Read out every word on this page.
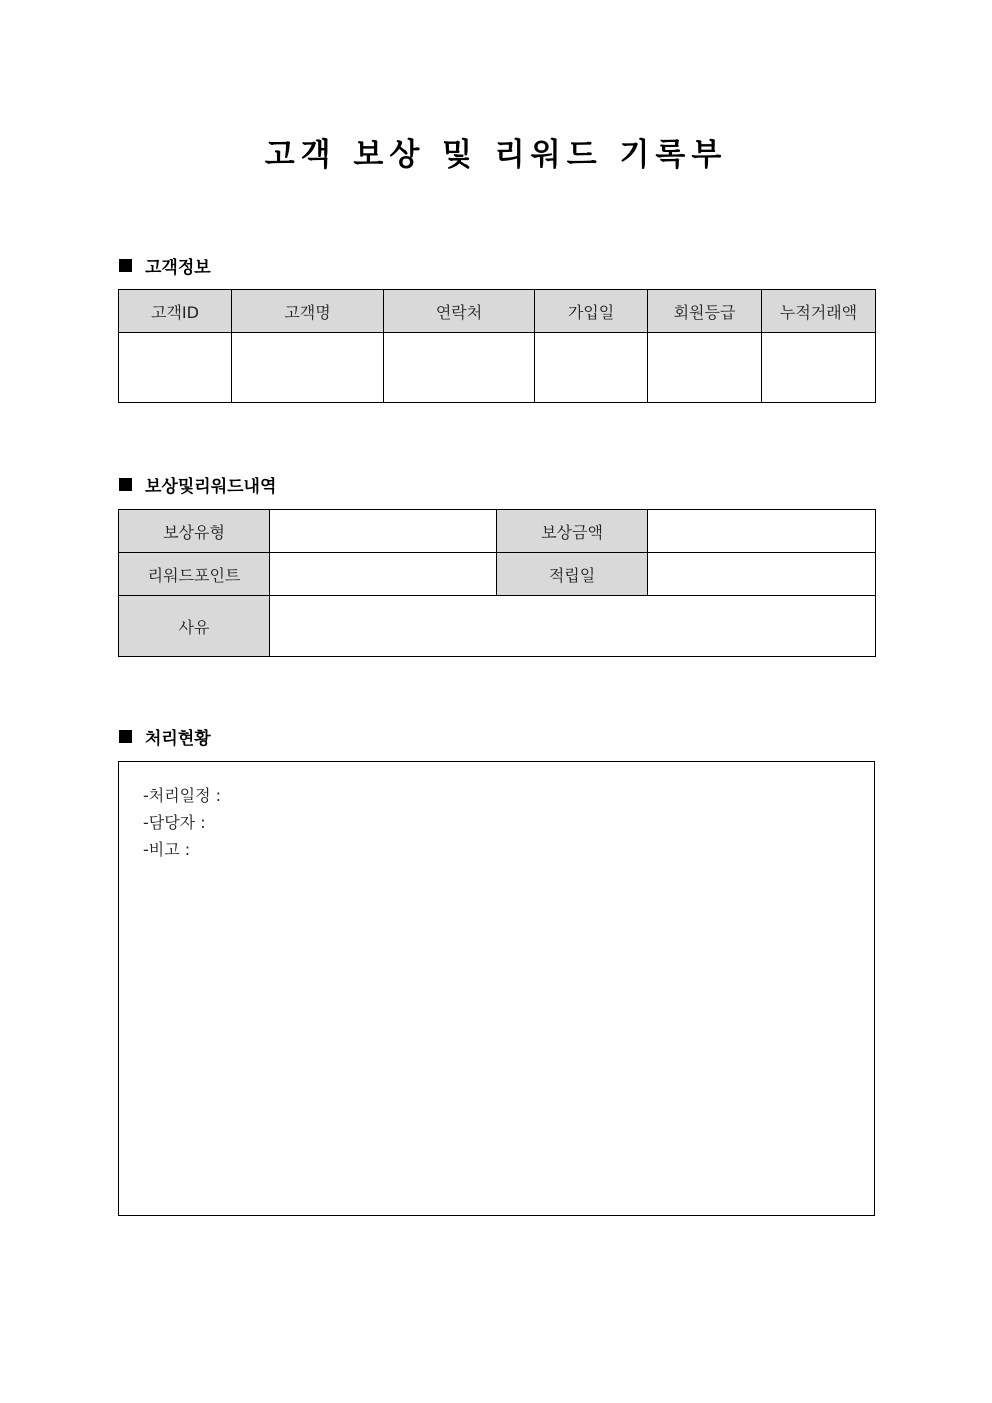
고객 보상 및 리워드 기록부
고객정보
고객ID	고객명	연락처	가입일	회원등급	누적거래액

보상및리워드내역
보상유형		보상금액	
리워드포인트		적립일	
사유			
처리현황
-처리일정 :
-담당자 :
-비고 :
